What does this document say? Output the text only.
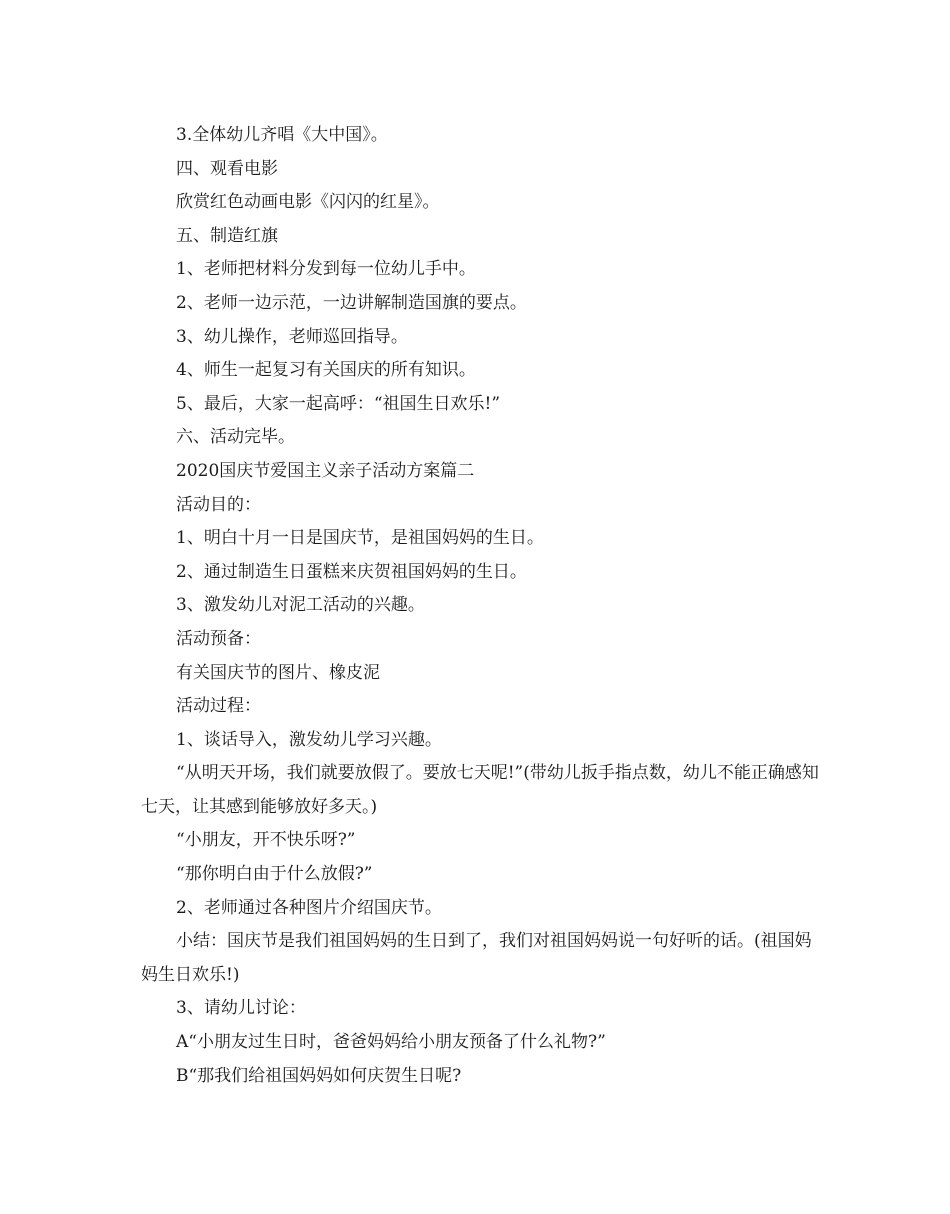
3.全体幼儿齐唱《大中国》。

四、观看电影

欣赏红色动画电影《闪闪的红星》。

五、制造红旗

1、老师把材料分发到每一位幼儿手中。

2、老师一边示范，一边讲解制造国旗的要点。

3、幼儿操作，老师巡回指导。

4、师生一起复习有关国庆的所有知识。

5、最后，大家一起高呼：“祖国生日欢乐!”

六、活动完毕。

2020国庆节爱国主义亲子活动方案篇二

活动目的：

1、明白十月一日是国庆节，是祖国妈妈的生日。

2、通过制造生日蛋糕来庆贺祖国妈妈的生日。

3、激发幼儿对泥工活动的兴趣。

活动预备：

有关国庆节的图片、橡皮泥

活动过程：

1、谈话导入，激发幼儿学习兴趣。

“从明天开场，我们就要放假了。要放七天呢!”(带幼儿扳手指点数，幼儿不能正确感知七天，让其感到能够放好多天。)

“小朋友，开不快乐呀?”

“那你明白由于什么放假?”

2、老师通过各种图片介绍国庆节。

小结：国庆节是我们祖国妈妈的生日到了，我们对祖国妈妈说一句好听的话。(祖国妈妈生日欢乐!)

3、请幼儿讨论：

A“小朋友过生日时，爸爸妈妈给小朋友预备了什么礼物?”

B“那我们给祖国妈妈如何庆贺生日呢?
